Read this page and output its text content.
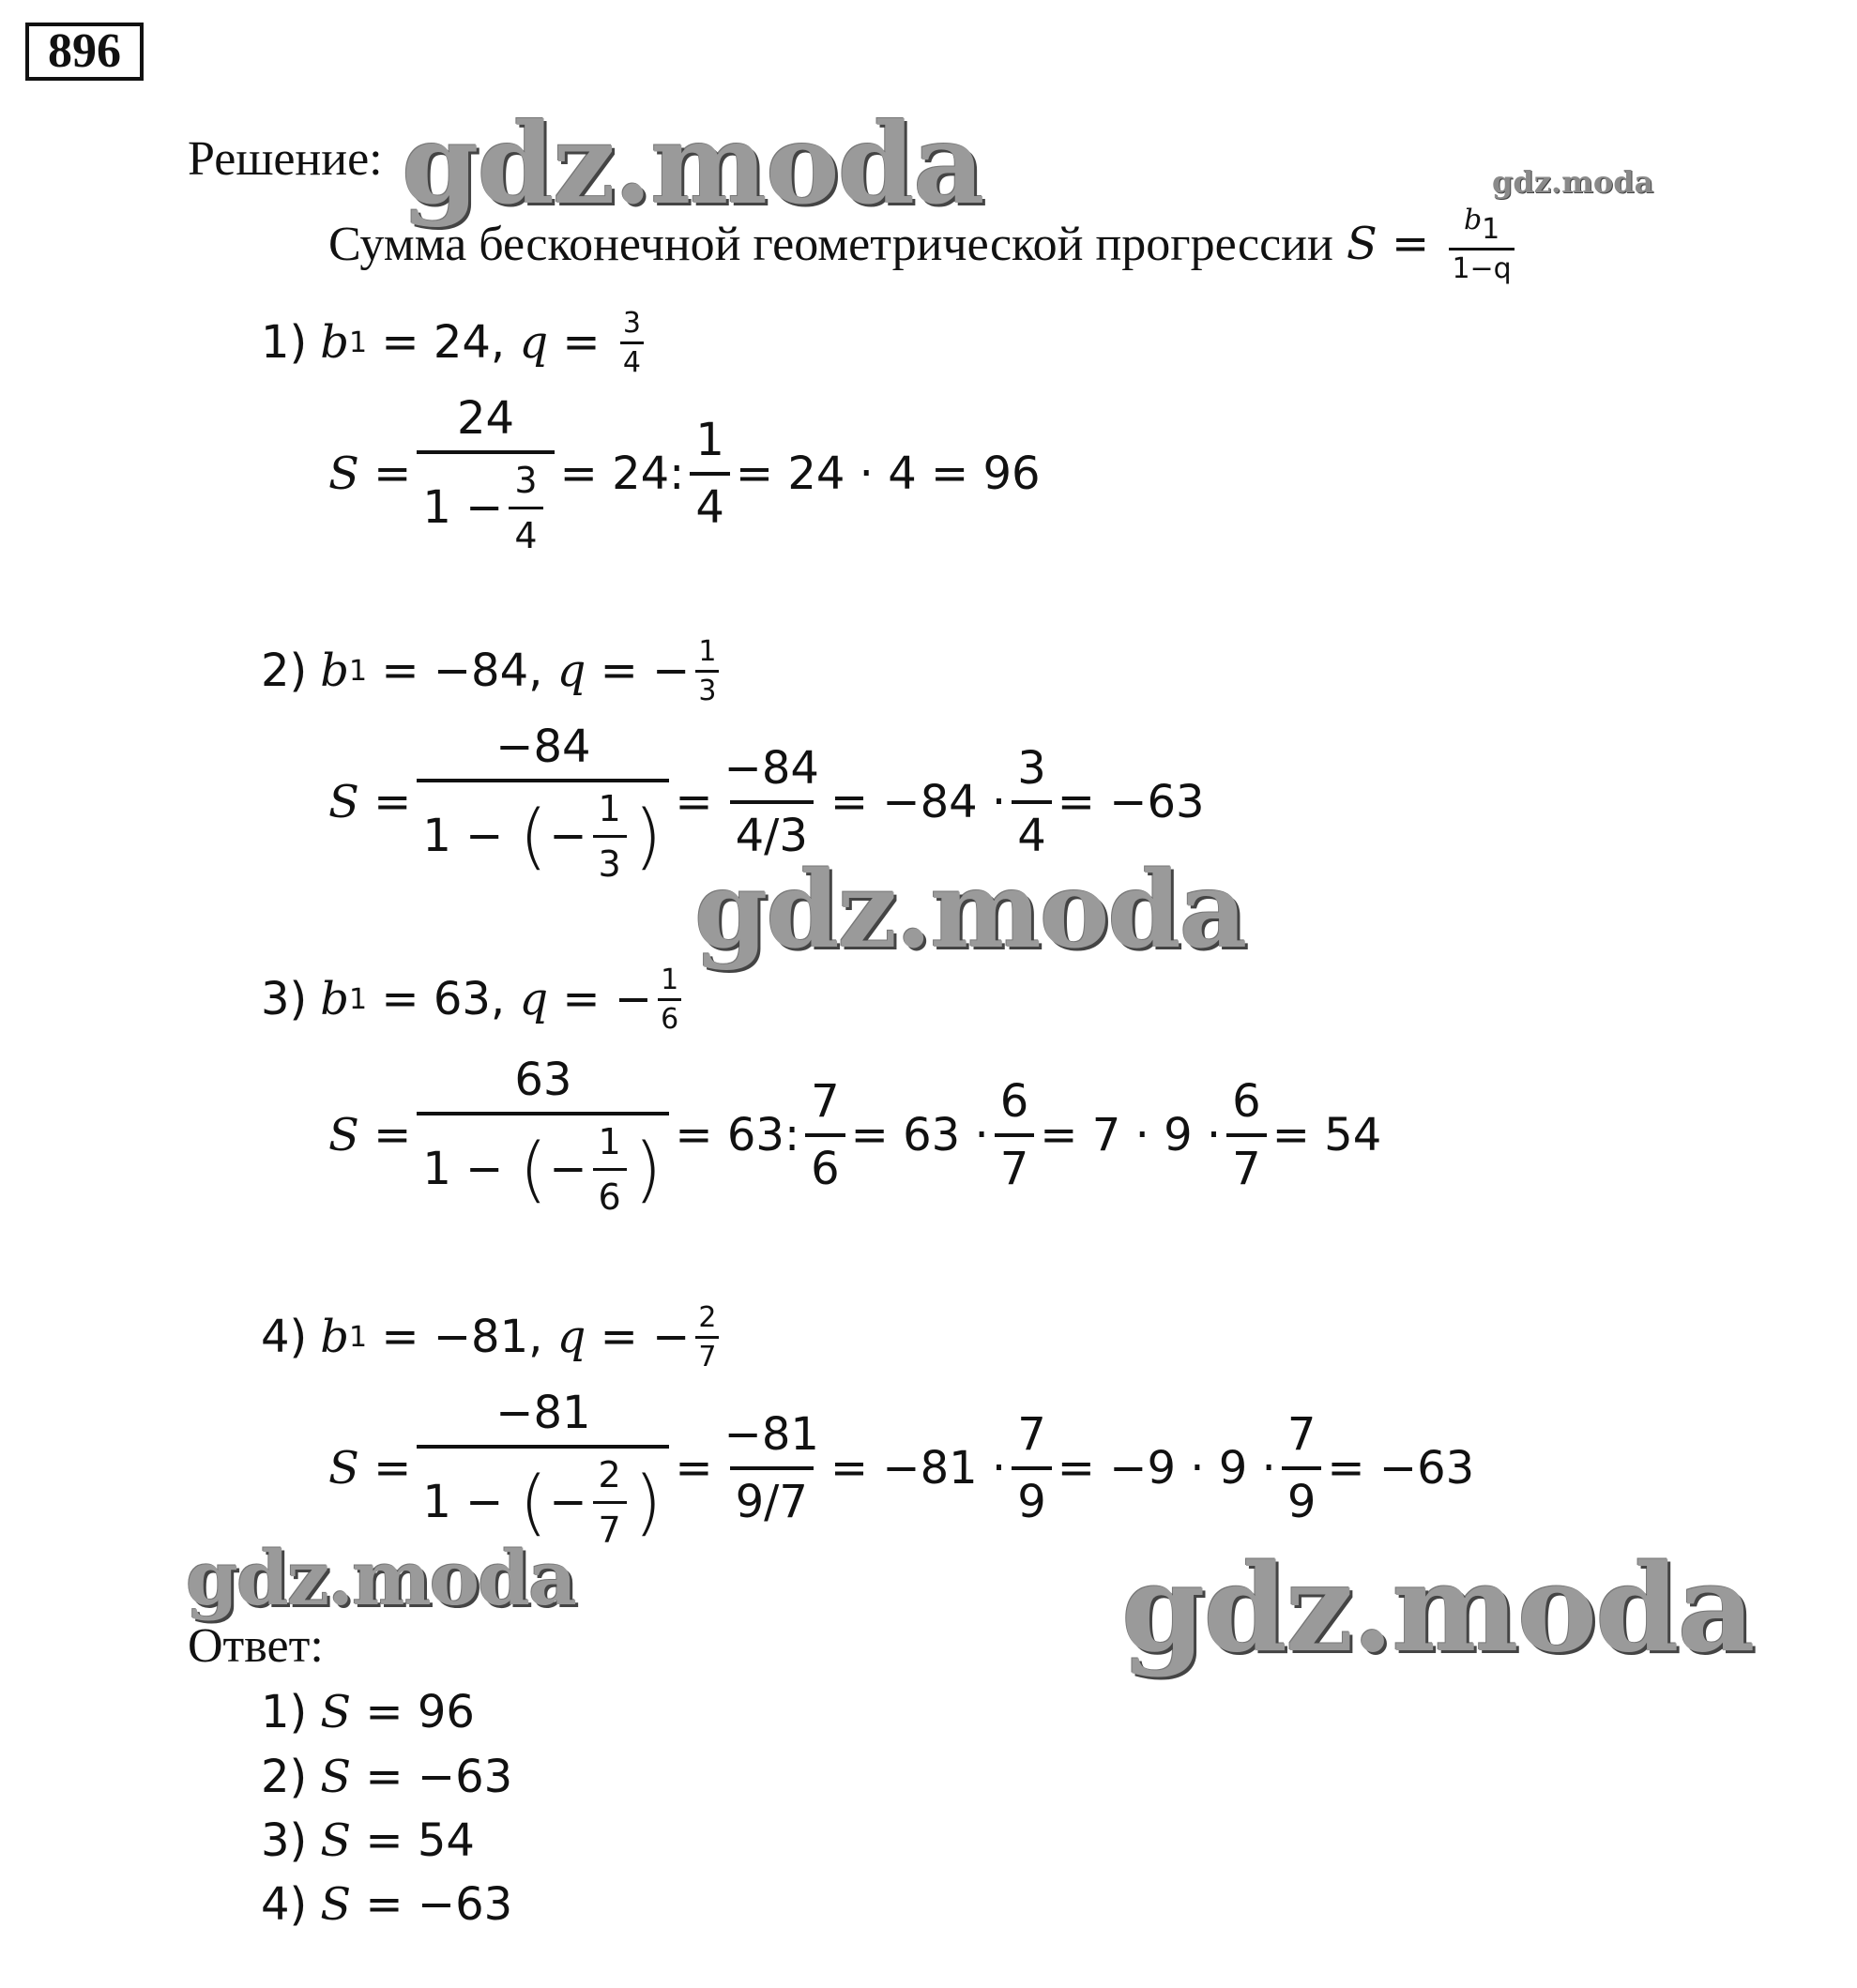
896
Решение: gdz.moda	gdz.moda
gdz.moda
gdz.moda	gdz.moda
Сумма бесконечной геометрической прогрессии $S = \frac{b_1}{1-q}$
1) b 1 = 24 , $q = \frac{3}{4}$
$S = \frac{24}{1 - \frac{3}{4}} = 24$: $\frac{1}{4} = 24 \cdot 4 = 96$
2) b 1 = −84 , q = − $\frac{1}{3}$
S = −84
1 −
( − $\frac{1}{3}$ ) = $\frac{-84}{4/3} = -84 \cdot \frac{3}{4} = -63$
3) b 1 = 63 , q = − $\frac{1}{6}$
S = 63
1 −
( − $\frac{1}{6}$ ) = 63: $\frac{7}{6} = 63 \cdot \frac{6}{7} = 7 \cdot 9 \cdot \frac{6}{7} = 54$
4) b 1 = −81 , q = − $\frac{2}{7}$
S = −81
1 −
( − $\frac{2}{7}$ ) = $\frac{-81}{9/7} = -81 \cdot \frac{7}{9} = -9 \cdot 9 \cdot \frac{7}{9} = -63$
Ответ:
1) S = 96
2) S = −63
3) S = 54
4) S = −63
